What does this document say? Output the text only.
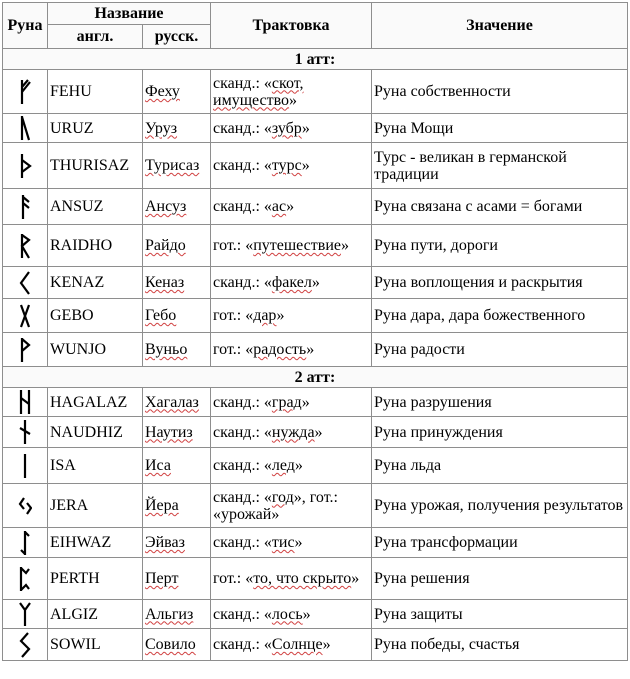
Руна	Название		Трактовка	Значение
	англ.	русск.		
1 атт:				

	FEHU	Феху	сканд.: «скот, имущество»	Руна собственности

	URUZ	Уруз	сканд.: «зубр»	Руна Мощи

	THURISAZ	Турисаз	сканд.: «турс»	Турс - великан в германской традиции

	ANSUZ	Ансуз	сканд.: «ас»	Руна связана с асами = богами

	RAIDHO	Райдо	гот.: «путешествие»	Руна пути, дороги

	KENAZ	Кеназ	сканд.: «факел»	Руна воплощения и раскрытия

	GEBO	Гебо	гот.: «дар»	Руна дара, дара божественного

	WUNJO	Вуньо	гот.: «радость»	Руна радости
2 атт:				

	HAGALAZ	Хагалаз	сканд.: «град»	Руна разрушения

	NAUDHIZ	Наутиз	сканд.: «нужда»	Руна принуждения

	ISA	Иса	сканд.: «лед»	Руна льда

	JERA	Йера	сканд.: «год», гот.: «урожай»	Руна урожая, получения результатов

	EIHWAZ	Эйваз	сканд.: «тис»	Руна трансформации

	PERTH	Перт	гот.: «то, что скрыто»	Руна решения

	ALGIZ	Альгиз	сканд.: «лось»	Руна защиты

	SOWIL	Совило	сканд.: «Солнце»	Руна победы, счастья
